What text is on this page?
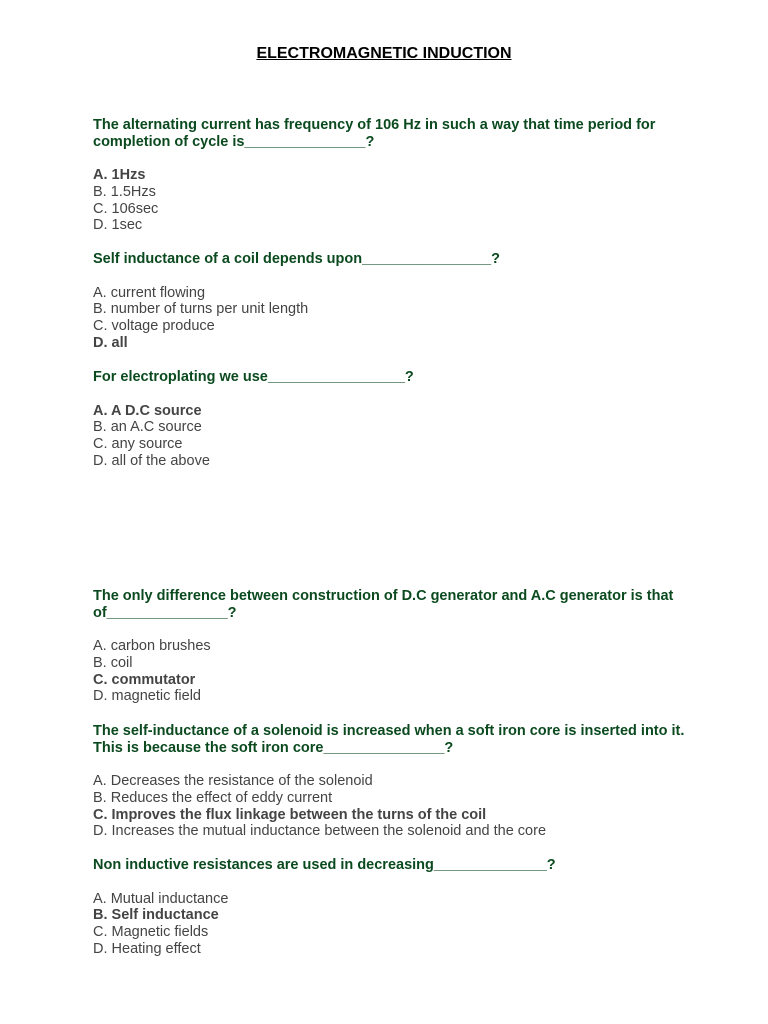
ELECTROMAGNETIC INDUCTION
The alternating current has frequency of 106 Hz in such a way that time period for completion of cycle is_______________?
A. 1Hzs
B. 1.5Hzs
C. 106sec
D. 1sec
Self inductance of a coil depends upon________________?
A. current flowing
B. number of turns per unit length
C. voltage produce
D. all
For electroplating we use_________________?
A. A D.C source
B. an A.C source
C. any source
D. all of the above
The only difference between construction of D.C generator and A.C generator is that of_______________?
A. carbon brushes
B. coil
C. commutator
D. magnetic field
The self-inductance of a solenoid is increased when a soft iron core is inserted into it. This is because the soft iron core_______________?
A. Decreases the resistance of the solenoid
B. Reduces the effect of eddy current
C. Improves the flux linkage between the turns of the coil
D. Increases the mutual inductance between the solenoid and the core
Non inductive resistances are used in decreasing______________?
A. Mutual inductance
B. Self inductance
C. Magnetic fields
D. Heating effect
